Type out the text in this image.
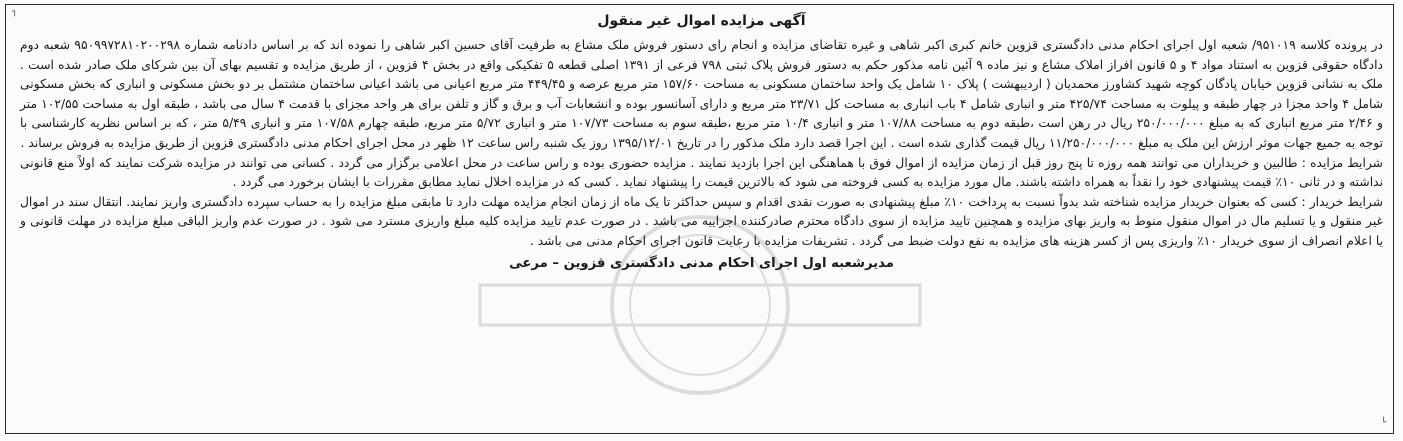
┐
└
آگهی مزایده اموال غیر منقول

در پرونده کلاسه ۹۵۱۰۱۹/ شعبه اول اجرای احکام مدنی دادگستری قزوین خانم کبری اکبر شاهی و غیره تقاضای مزایده و انجام رای دستور فروش ملک مشاع به طرفیت آقای حسین اکبر شاهی را نموده اند که بر اساس دادنامه شماره ۹۵۰۹۹۷۲۸۱۰۲۰۰۲۹۸ شعبه دوم دادگاه حقوقی قزوین به استناد مواد ۴ و ۵ قانون افراز املاک مشاع و نیز ماده ۹ آئین نامه مذکور حکم به دستور فروش پلاک ثبتی ۷۹۸ فرعی از ۱۳۹۱ اصلی قطعه ۵ تفکیکی واقع در بخش ۴ قزوین ، از طریق مزایده و تقسیم بهای آن بین شرکای ملک صادر شده است . ملک به نشانی قزوین خیابان پادگان کوچه شهید کشاورز محمدیان ( اردیبهشت ) پلاک ۱۰ شامل یک واحد ساختمان مسکونی به مساحت ۱۵۷/۶۰ متر مربع عرصه و ۴۴۹/۴۵ متر مربع اعیانی می باشد اعیانی ساختمان مشتمل بر دو بخش مسکونی و انباری که بخش مسکونی شامل ۴ واحد مجزا در چهار طبقه و پیلوت به مساحت ۴۲۵/۷۴ متر و انباری شامل ۴ باب انباری به مساحت کل ۲۳/۷۱ متر مربع و دارای آسانسور بوده و انشعابات آب و برق و گاز و تلفن برای هر واحد مجزای با قدمت ۴ سال می باشد ، طبقه اول به مساحت ۱۰۲/۵۵ متر و ۲/۴۶ متر مربع انباری که به مبلغ ۲۵۰/۰۰۰/۰۰۰ ریال در رهن است ،طبقه دوم به مساحت ۱۰۷/۸۸ متر و انباری ۱۰/۴ متر مربع ،طبقه سوم به مساحت ۱۰۷/۷۳ متر و انباری ۵/۷۲ متر مربع، طبقه چهارم ۱۰۷/۵۸ متر و انباری ۵/۴۹ متر ، که بر اساس نظریه کارشناسی با توجه به جمیع جهات موثر ارزش این ملک به مبلغ ۱۱/۲۵۰/۰۰۰/۰۰۰ ریال قیمت گذاری شده است . این اجرا قصد دارد ملک مذکور را در تاریخ ۱۳۹۵/۱۲/۰۱ روز یک شنبه راس ساعت ۱۲ ظهر در محل اجرای احکام مدنی دادگستری قزوین از طریق مزایده به فروش برساند .

شرایط مزایده : طالبین و خریداران می توانند همه روزه تا پنج روز قبل از زمان مزایده از اموال فوق با هماهنگی این اجرا بازدید نمایند . مزایده حضوری بوده و راس ساعت در محل اعلامی برگزار می گردد . کسانی می توانند در مزایده شرکت نمایند که اولاً منع قانونی نداشته و در ثانی ۱۰٪ قیمت پیشنهادی خود را نقداً به همراه داشته باشند. مال مورد مزایده به کسی فروخته می شود که بالاترین قیمت را پیشنهاد نماید . کسی که در مزایده اخلال نماید مطابق مقررات با ایشان برخورد می گردد .

شرایط خریدار : کسی که بعنوان خریدار مزایده شناخته شد بدواً نسبت به پرداخت ۱۰٪ مبلغ پیشنهادی به صورت نقدی اقدام و سپس حداکثر تا یک ماه از زمان انجام مزایده مهلت دارد تا مابقی مبلغ مزایده را به حساب سپرده دادگستری واریز نمایند. انتقال سند در اموال غیر منقول و یا تسلیم مال در اموال منقول منوط به واریز بهای مزایده و همچنین تایید مزایده از سوی دادگاه محترم صادر‌کننده اجراییه می باشد . در صورت عدم تایید مزایده کلیه مبلغ واریزی مسترد می شود . در صورت عدم واریز الباقی مبلغ مزایده در مهلت قانونی و یا اعلام انصراف از سوی خریدار ۱۰٪ واریزی پس از کسر هزینه های مزایده به نفع دولت ضبط می گردد . تشریفات مزایده با رعایت قانون اجرای احکام مدنی می باشد .

مدیرشعبه اول اجرای احکام مدنی دادگستری قزوین – مرعی
